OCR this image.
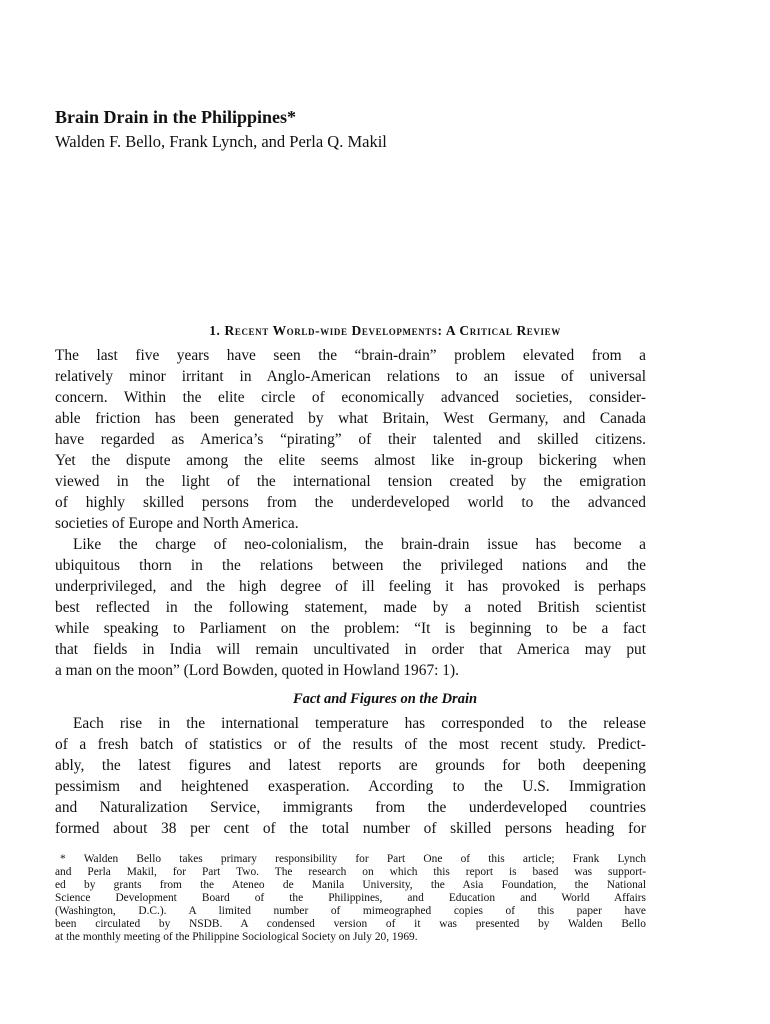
Brain Drain in the Philippines*
Walden F. Bello, Frank Lynch, and Perla Q. Makil
1. Recent World-wide Developments: A Critical Review

The last five years have seen the “brain-drain” problem elevated from a

relatively minor irritant in Anglo-American relations to an issue of universal

concern. Within the elite circle of economically advanced societies, consider-

able friction has been generated by what Britain, West Germany, and Canada

have regarded as America’s “pirating” of their talented and skilled citizens.

Yet the dispute among the elite seems almost like in-group bickering when

viewed in the light of the international tension created by the emigration

of highly skilled persons from the underdeveloped world to the advanced

societies of Europe and North America.

Like the charge of neo-colonialism, the brain-drain issue has become a

ubiquitous thorn in the relations between the privileged nations and the

underprivileged, and the high degree of ill feeling it has provoked is perhaps

best reflected in the following statement, made by a noted British scientist

while speaking to Parliament on the problem: “It is beginning to be a fact

that fields in India will remain uncultivated in order that America may put

a man on the moon” (Lord Bowden, quoted in Howland 1967: 1).

Fact and Figures on the Drain

Each rise in the international temperature has corresponded to the release

of a fresh batch of statistics or of the results of the most recent study. Predict-

ably, the latest figures and latest reports are grounds for both deepening

pessimism and heightened exasperation. According to the U.S. Immigration

and Naturalization Service, immigrants from the underdeveloped countries

formed about 38 per cent of the total number of skilled persons heading for

* Walden Bello takes primary responsibility for Part One of this article; Frank Lynch

and Perla Makil, for Part Two. The research on which this report is based was support-

ed by grants from the Ateneo de Manila University, the Asia Foundation, the National

Science Development Board of the Philippines, and Education and World Affairs

(Washington, D.C.). A limited number of mimeographed copies of this paper have

been circulated by NSDB. A condensed version of it was presented by Walden Bello

at the monthly meeting of the Philippine Sociological Society on July 20, 1969.
